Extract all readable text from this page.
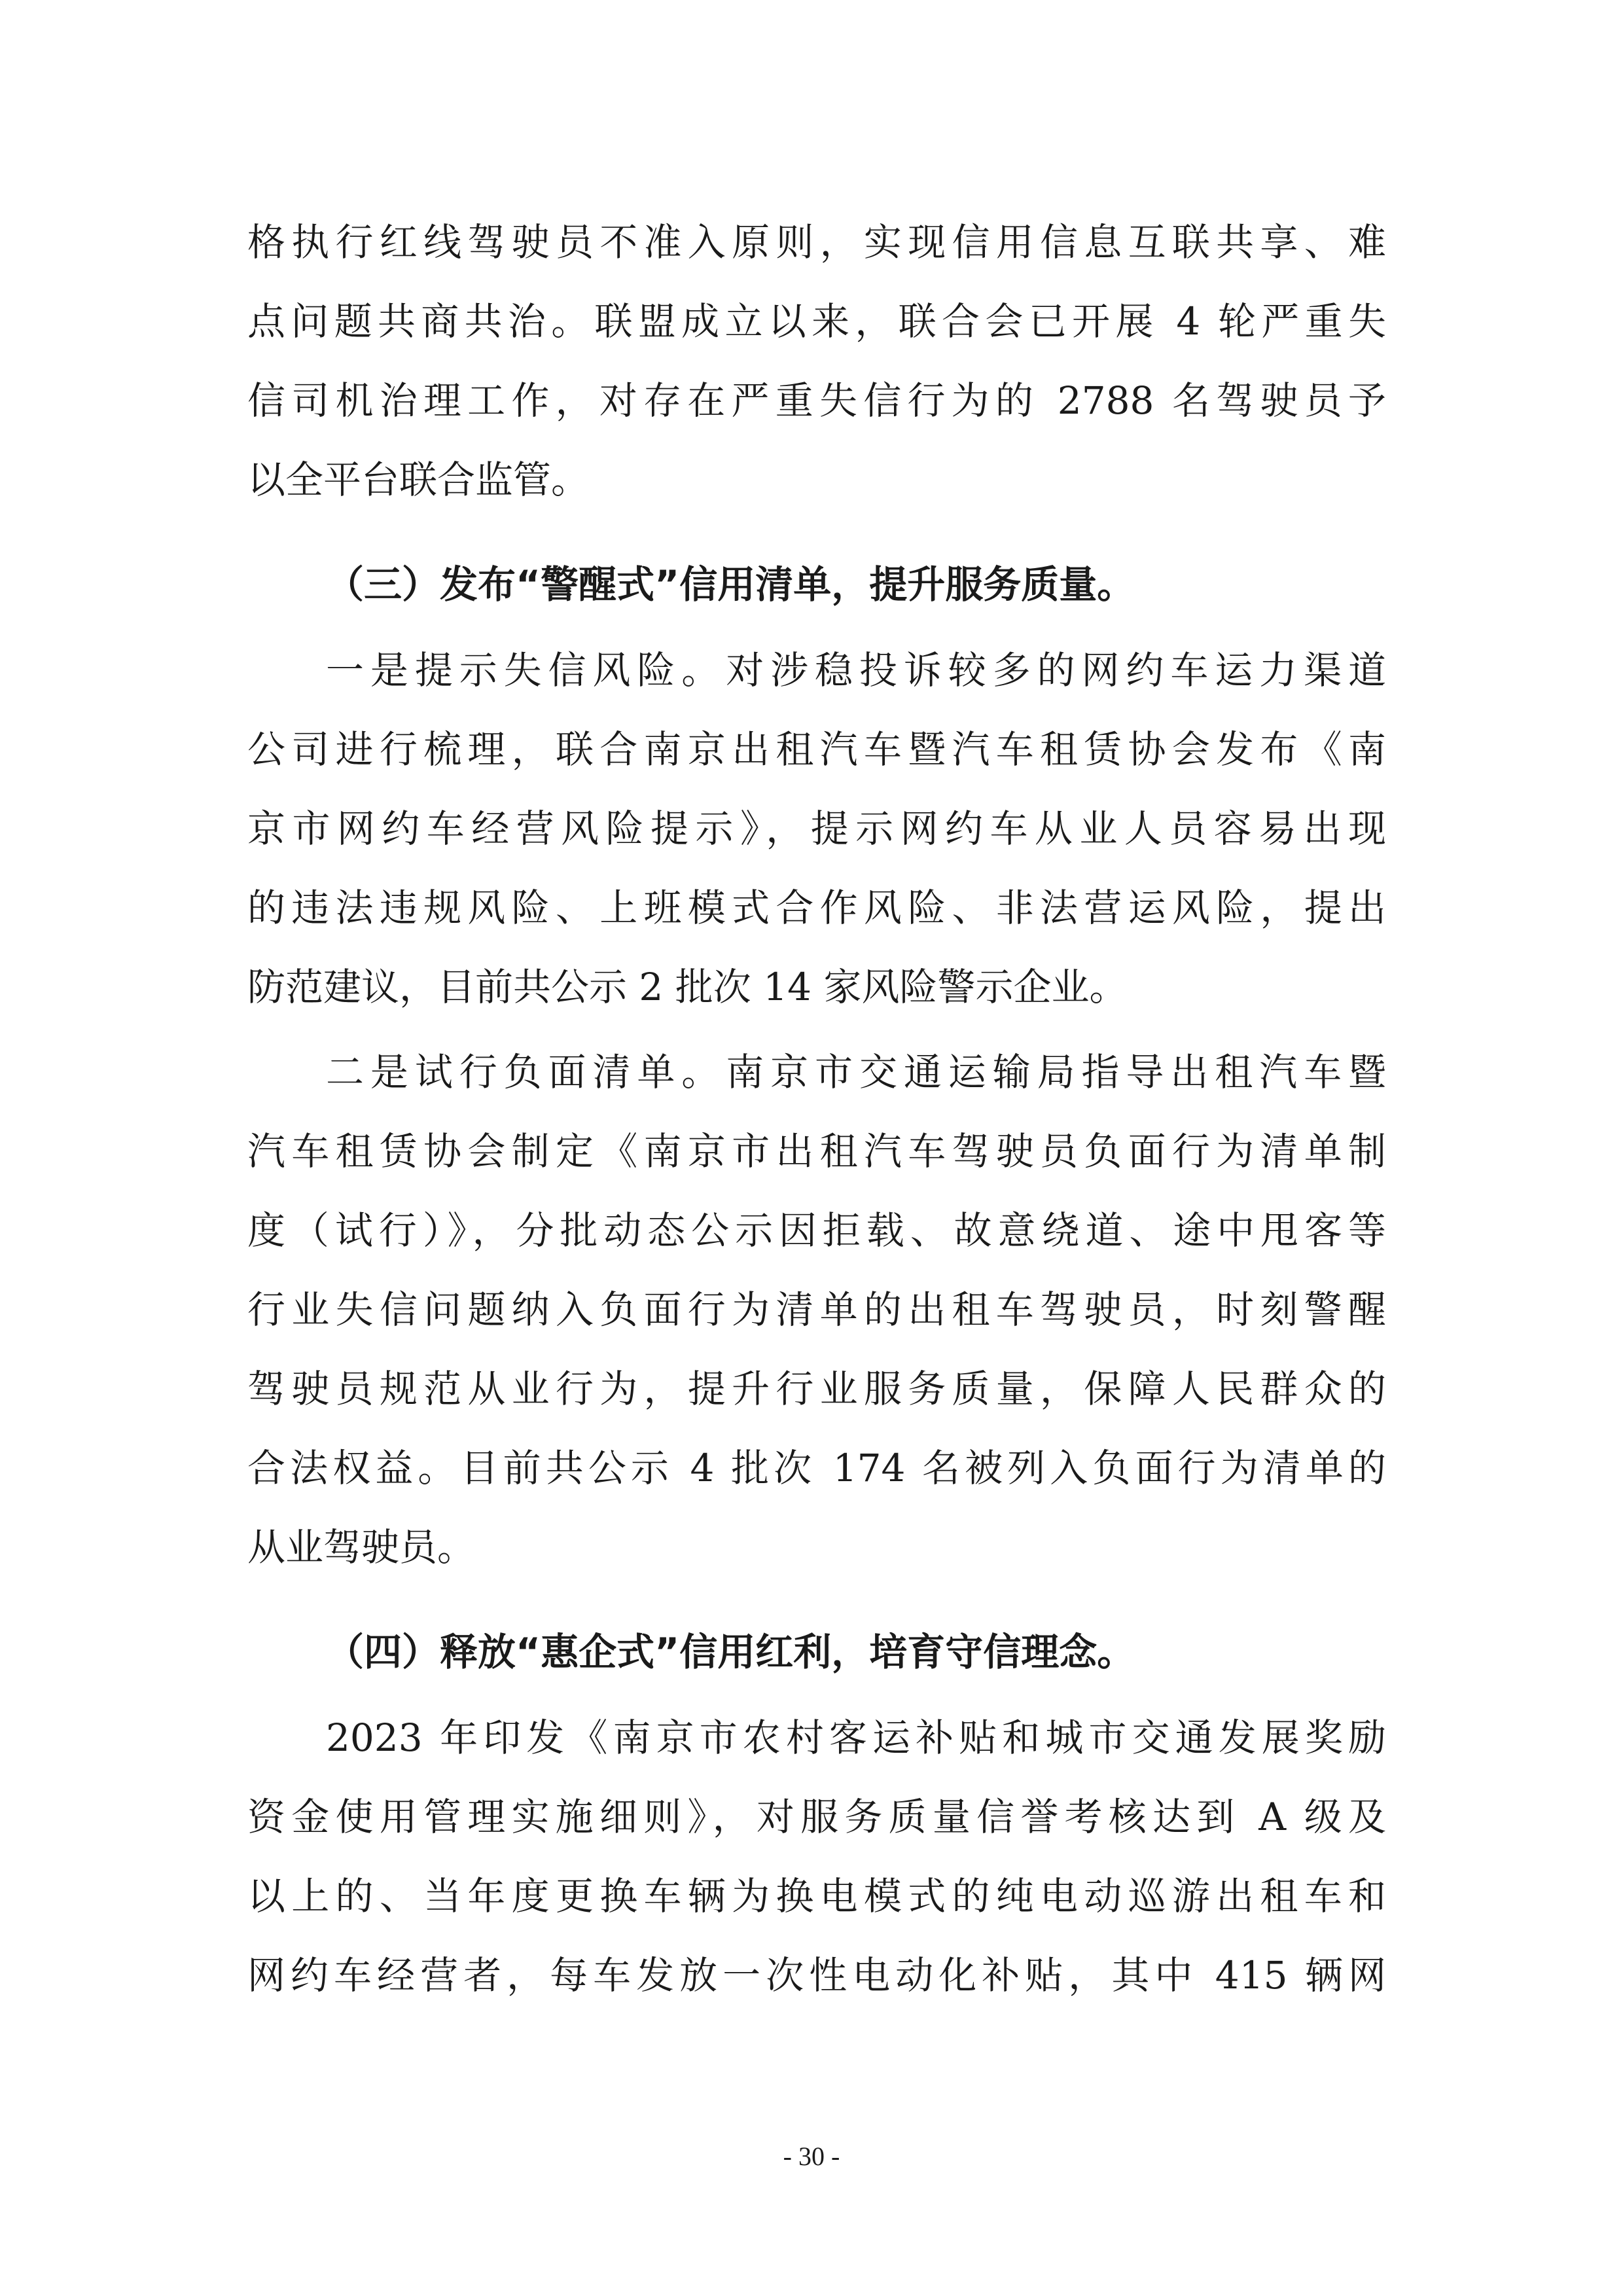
格执行红线驾驶员不准入原则，实现信用信息互联共享、难
点问题共商共治。联盟成立以来，联合会已开展 4 轮严重失
信司机治理工作，对存在严重失信行为的 2788 名驾驶员予
以全平台联合监管。
（三）发布“警醒式”信用清单，提升服务质量。
一是提示失信风险。对涉稳投诉较多的网约车运力渠道
公司进行梳理，联合南京出租汽车暨汽车租赁协会发布《南
京市网约车经营风险提示》，提示网约车从业人员容易出现
的违法违规风险、上班模式合作风险、非法营运风险，提出
防范建议，目前共公示 2 批次 14 家风险警示企业。
二是试行负面清单。南京市交通运输局指导出租汽车暨
汽车租赁协会制定《南京市出租汽车驾驶员负面行为清单制
度（试行）》，分批动态公示因拒载、故意绕道、途中甩客等
行业失信问题纳入负面行为清单的出租车驾驶员，时刻警醒
驾驶员规范从业行为，提升行业服务质量，保障人民群众的
合法权益。目前共公示 4 批次 174 名被列入负面行为清单的
从业驾驶员。
（四）释放“惠企式”信用红利，培育守信理念。
2023 年印发《南京市农村客运补贴和城市交通发展奖励
资金使用管理实施细则》，对服务质量信誉考核达到 A 级及
以上的、当年度更换车辆为换电模式的纯电动巡游出租车和
网约车经营者，每车发放一次性电动化补贴，其中 415 辆网
- 30 -
